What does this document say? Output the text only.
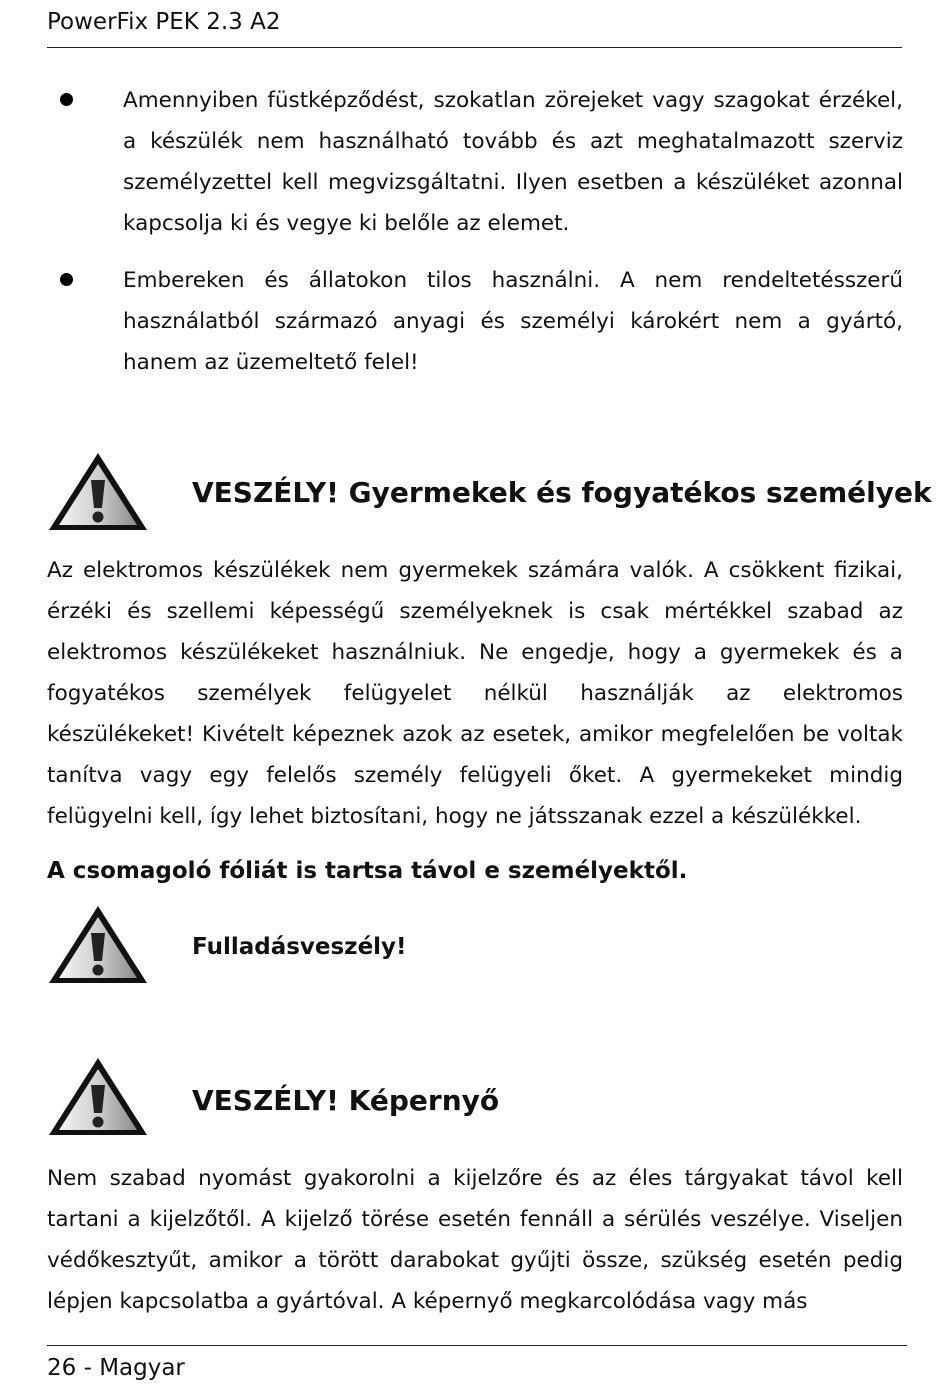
PowerFix PEK 2.3 A2
Amennyiben füstképződést, szokatlan zörejeket vagy szagokat érzékel, a készülék nem használható tovább és azt meghatalmazott szerviz személyzettel kell megvizsgáltatni. Ilyen esetben a készüléket azonnal kapcsolja ki és vegye ki belőle az elemet.
Embereken és állatokon tilos használni. A nem rendeltetésszerű használatból származó anyagi és személyi károkért nem a gyártó, hanem az üzemeltető felel!
VESZÉLY! Gyermekek és fogyatékos személyek

Az elektromos készülékek nem gyermekek számára valók. A csökkent fizikai, érzéki és szellemi képességű személyeknek is csak mértékkel szabad az elektromos készülékeket használniuk. Ne engedje, hogy a gyermekek és a fogyatékos személyek felügyelet nélkül használják az elektromos készülékeket! Kivételt képeznek azok az esetek, amikor megfelelően be voltak tanítva vagy egy felelős személy felügyeli őket. A gyermekeket mindig felügyelni kell, így lehet biztosítani, hogy ne játsszanak ezzel a készülékkel.

A csomagoló fóliát is tartsa távol e személyektől.
Fulladásveszély!
VESZÉLY! Képernyő

Nem szabad nyomást gyakorolni a kijelzőre és az éles tárgyakat távol kell tartani a kijelzőtől. A kijelző törése esetén fennáll a sérülés veszélye. Viseljen védőkesztyűt, amikor a törött darabokat gyűjti össze, szükség esetén pedig lépjen kapcsolatba a gyártóval. A képernyő megkarcolódása vagy más

26 - Magyar
